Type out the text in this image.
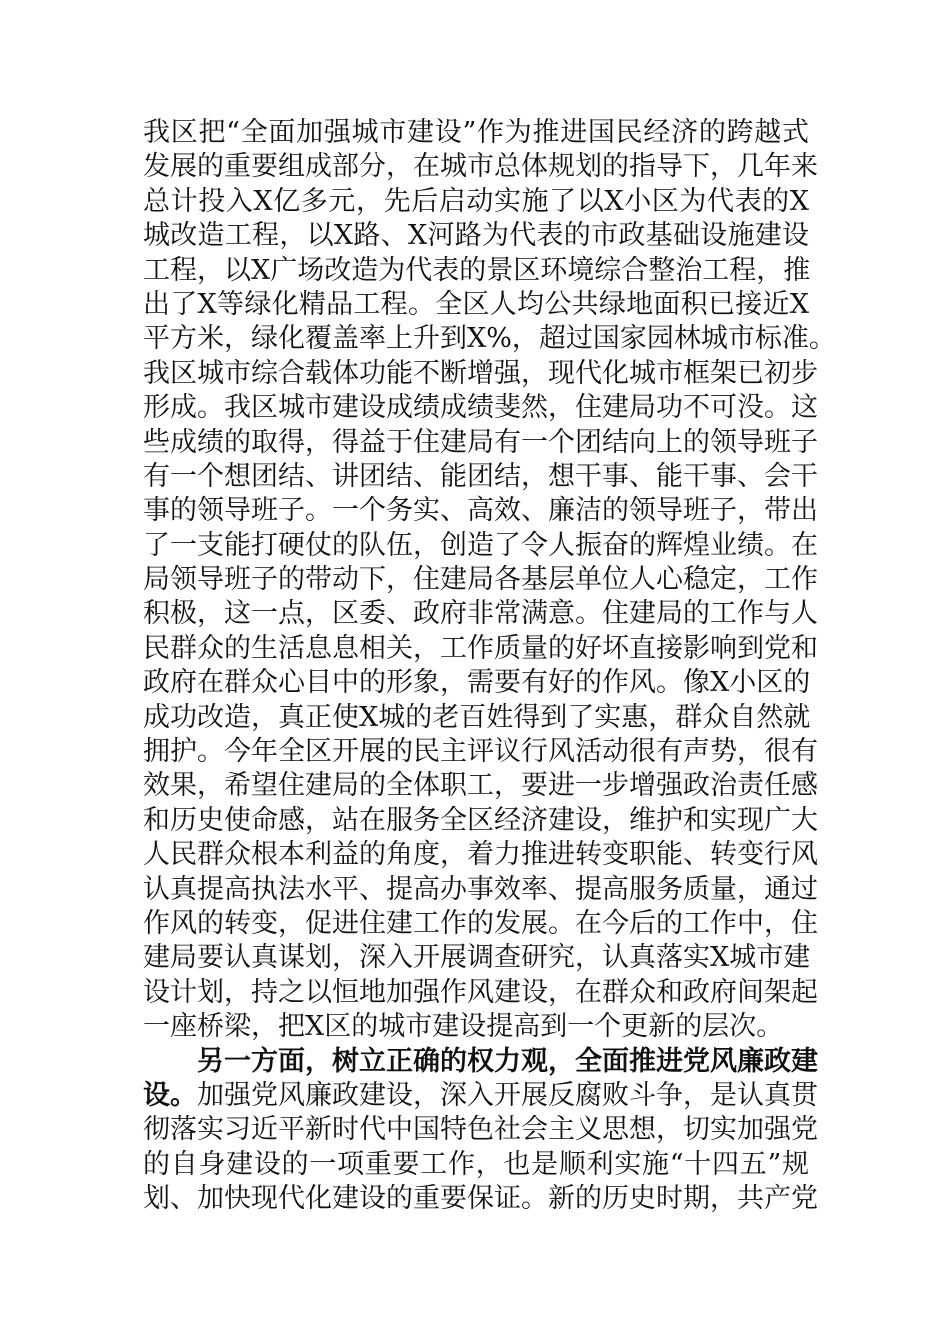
我区把“全面加强城市建设”作为推进国民经济的跨越式
发展的重要组成部分，在城市总体规划的指导下，几年来
总计投入X亿多元，先后启动实施了以X小区为代表的X
城改造工程，以X路、X河路为代表的市政基础设施建设
工程，以X广场改造为代表的景区环境综合整治工程，推
出了X等绿化精品工程。全区人均公共绿地面积已接近X
平方米，绿化覆盖率上升到X%，超过国家园林城市标准。
我区城市综合载体功能不断增强，现代化城市框架已初步
形成。我区城市建设成绩成绩斐然，住建局功不可没。这
些成绩的取得，得益于住建局有一个团结向上的领导班子
有一个想团结、讲团结、能团结，想干事、能干事、会干
事的领导班子。一个务实、高效、廉洁的领导班子，带出
了一支能打硬仗的队伍，创造了令人振奋的辉煌业绩。在
局领导班子的带动下，住建局各基层单位人心稳定，工作
积极，这一点，区委、政府非常满意。住建局的工作与人
民群众的生活息息相关，工作质量的好坏直接影响到党和
政府在群众心目中的形象，需要有好的作风。像X小区的
成功改造，真正使X城的老百姓得到了实惠，群众自然就
拥护。今年全区开展的民主评议行风活动很有声势，很有
效果，希望住建局的全体职工，要进一步增强政治责任感
和历史使命感，站在服务全区经济建设，维护和实现广大
人民群众根本利益的角度，着力推进转变职能、转变行风
认真提高执法水平、提高办事效率、提高服务质量，通过
作风的转变，促进住建工作的发展。在今后的工作中，住
建局要认真谋划，深入开展调查研究，认真落实X城市建
设计划，持之以恒地加强作风建设，在群众和政府间架起
一座桥梁，把X区的城市建设提高到一个更新的层次。
另一方面，树立正确的权力观，全面推进党风廉政建
设。加强党风廉政建设，深入开展反腐败斗争，是认真贯
彻落实习近平新时代中国特色社会主义思想，切实加强党
的自身建设的一项重要工作，也是顺利实施“十四五”规
划、加快现代化建设的重要保证。新的历史时期，共产党
